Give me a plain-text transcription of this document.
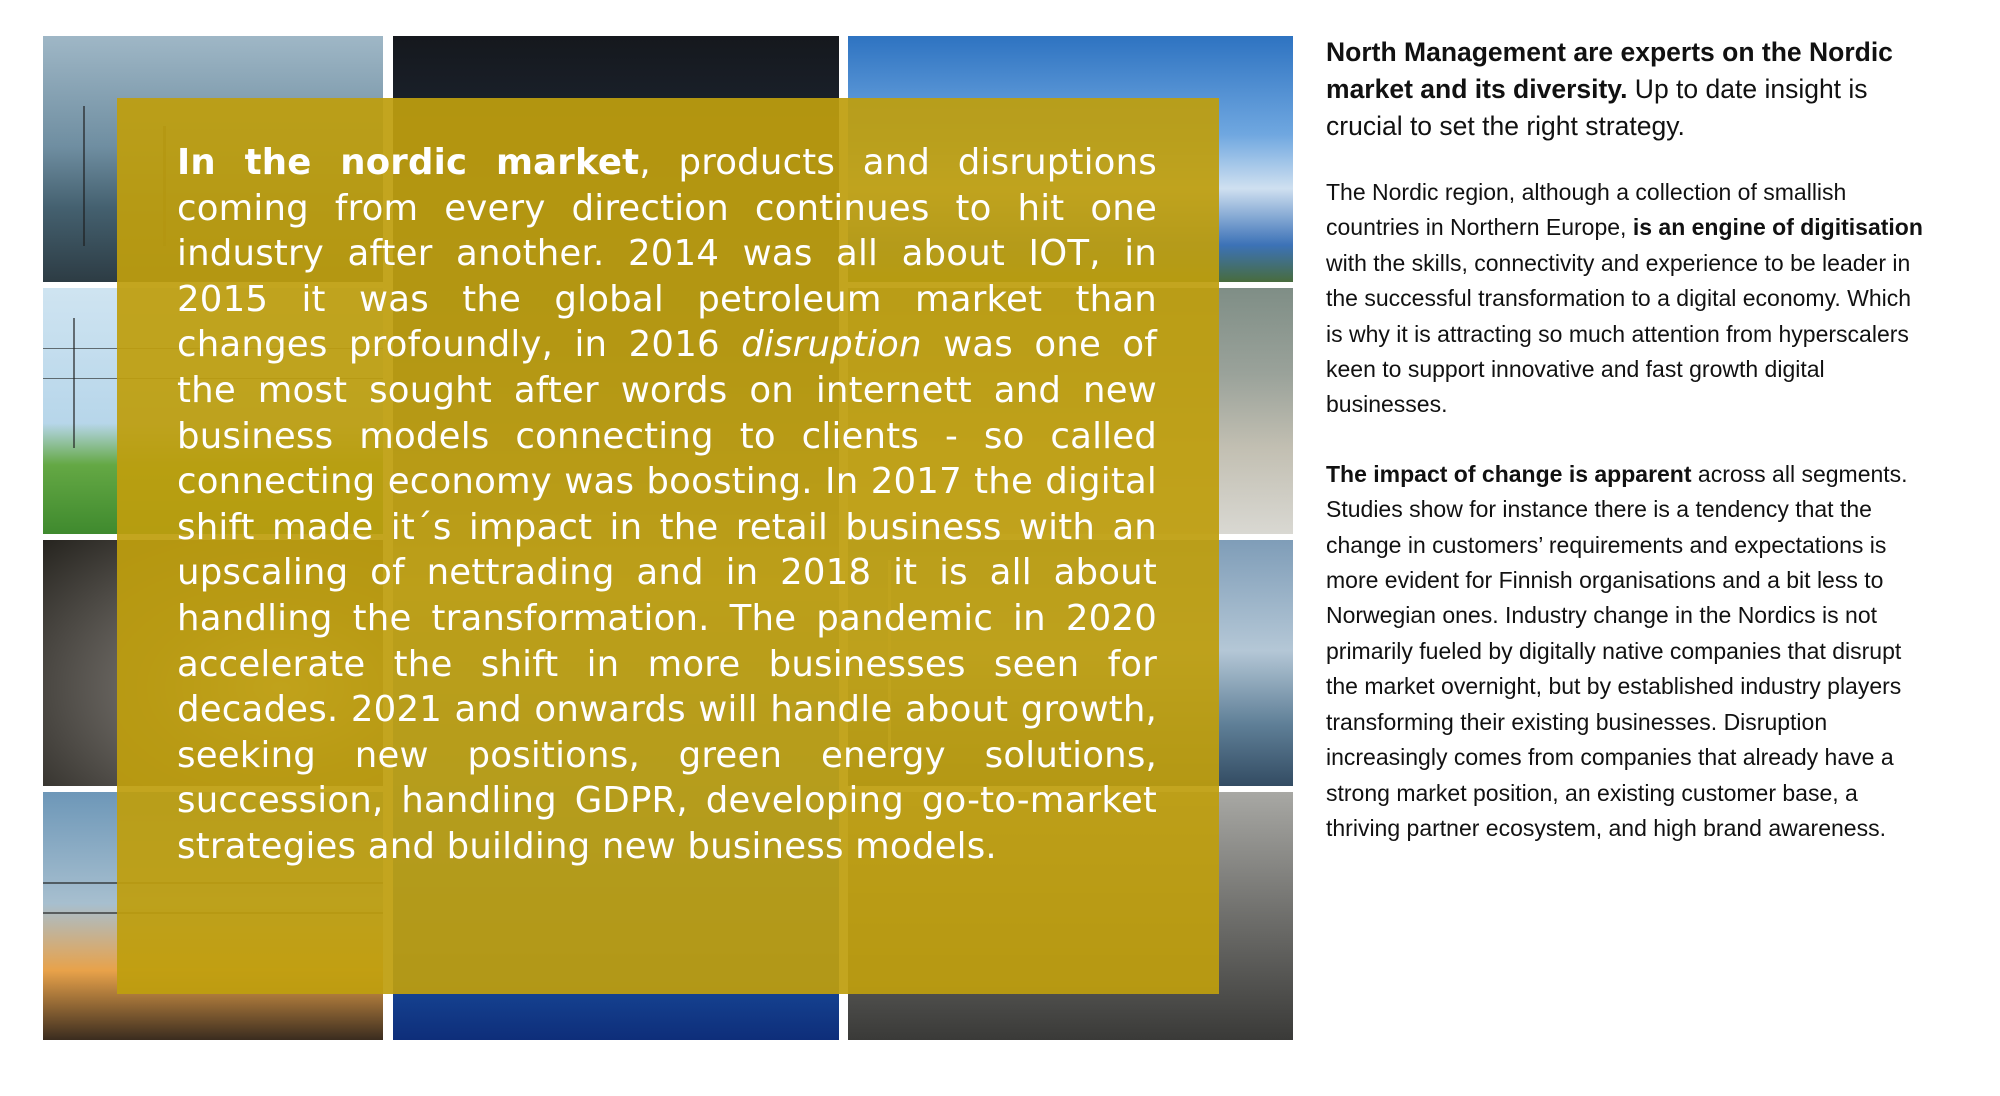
In the nordic market, products and disruptions coming from every direction continues to hit one industry after another. 2014 was all about IOT, in 2015 it was the global petroleum market than changes profoundly, in 2016 disruption was one of the most sought after words on internett and new business models connecting to clients - so called connecting economy was boosting. In 2017 the digital shift made it´s impact in the retail business with an upscaling of nettrading and in 2018 it is all about handling the transformation. The pandemic in 2020 accelerate the shift in more businesses seen for decades. 2021 and onwards will handle about growth, seeking new positions, green energy solutions, succession, handling GDPR, developing go-to-market strategies and building new business models.

North Management are experts on the Nordic market and its diversity. Up to date insight is crucial to set the right strategy.

The Nordic region, although a collection of smallish countries in Northern Europe, is an engine of digitisation with the skills, connectivity and experience to be leader in the successful transformation to a digital economy. Which is why it is attracting so much attention from hyperscalers keen to support innovative and fast growth digital businesses.

The impact of change is apparent across all segments. Studies show for instance there is a tendency that the change in customers’ requirements and expectations is more evident for Finnish organisations and a bit less to Norwegian ones. Industry change in the Nordics is not primarily fueled by digitally native companies that disrupt the market overnight, but by established industry players transforming their existing businesses. Disruption increasingly comes from companies that already have a strong market position, an existing customer base, a thriving partner ecosystem, and high brand awareness.
